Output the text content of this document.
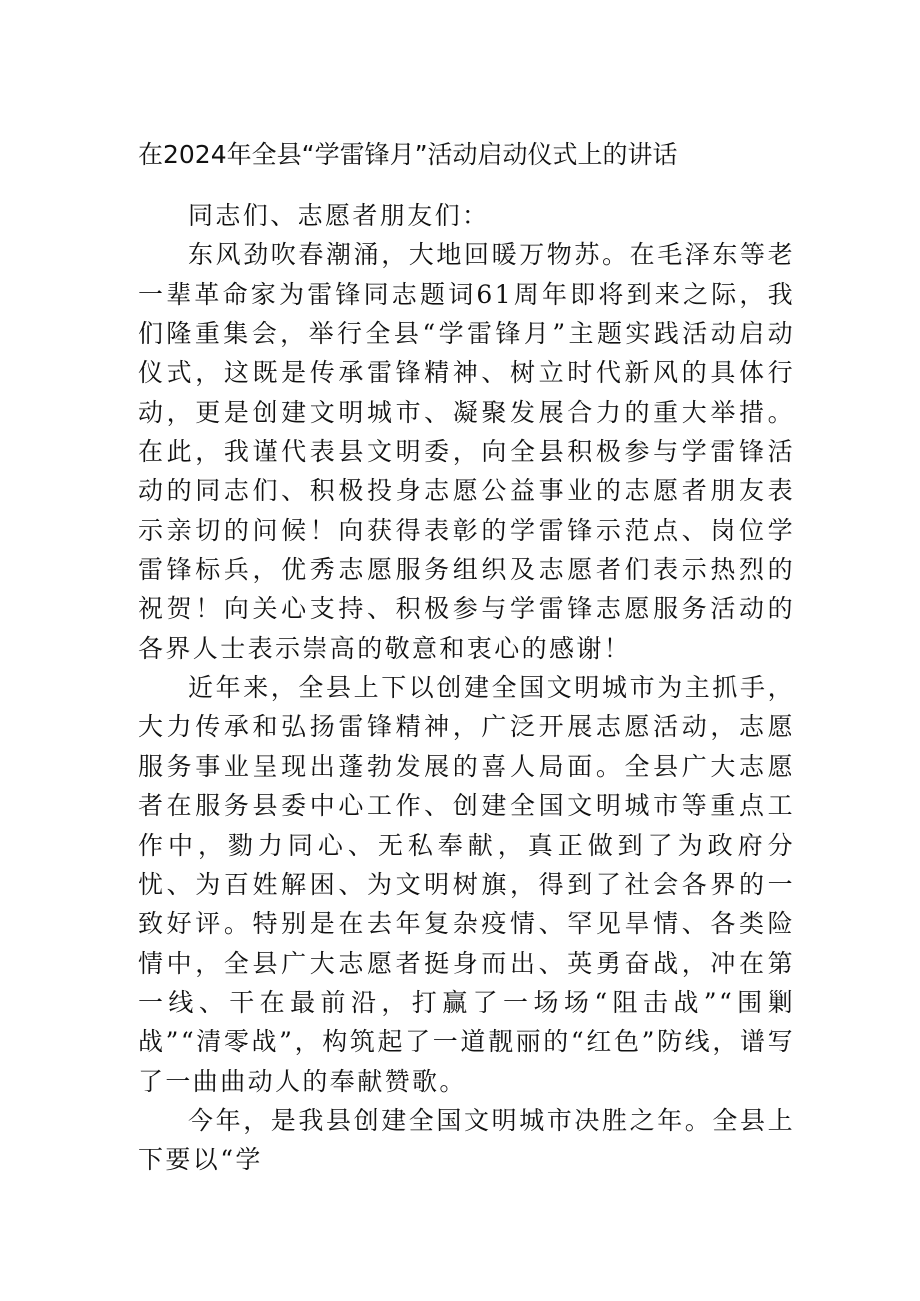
在2024年全县“学雷锋月”活动启动仪式上的讲话

同志们、志愿者朋友们：

东风劲吹春潮涌，大地回暖万物苏。在毛泽东等老一辈革命家为雷锋同志题词61周年即将到来之际，我们隆重集会，举行全县“学雷锋月”主题实践活动启动仪式，这既是传承雷锋精神、树立时代新风的具体行动，更是创建文明城市、凝聚发展合力的重大举措。在此，我谨代表县文明委，向全县积极参与学雷锋活动的同志们、积极投身志愿公益事业的志愿者朋友表示亲切的问候！向获得表彰的学雷锋示范点、岗位学雷锋标兵，优秀志愿服务组织及志愿者们表示热烈的祝贺！向关心支持、积极参与学雷锋志愿服务活动的各界人士表示崇高的敬意和衷心的感谢！

近年来，全县上下以创建全国文明城市为主抓手，大力传承和弘扬雷锋精神，广泛开展志愿活动，志愿服务事业呈现出蓬勃发展的喜人局面。全县广大志愿者在服务县委中心工作、创建全国文明城市等重点工作中，勠力同心、无私奉献，真正做到了为政府分忧、为百姓解困、为文明树旗，得到了社会各界的一致好评。特别是在去年复杂疫情、罕见旱情、各类险情中，全县广大志愿者挺身而出、英勇奋战，冲在第一线、干在最前沿，打赢了一场场“阻击战”“围剿战”“清零战”，构筑起了一道靓丽的“红色”防线，谱写了一曲曲动人的奉献赞歌。

今年，是我县创建全国文明城市决胜之年。全县上下要以“学
